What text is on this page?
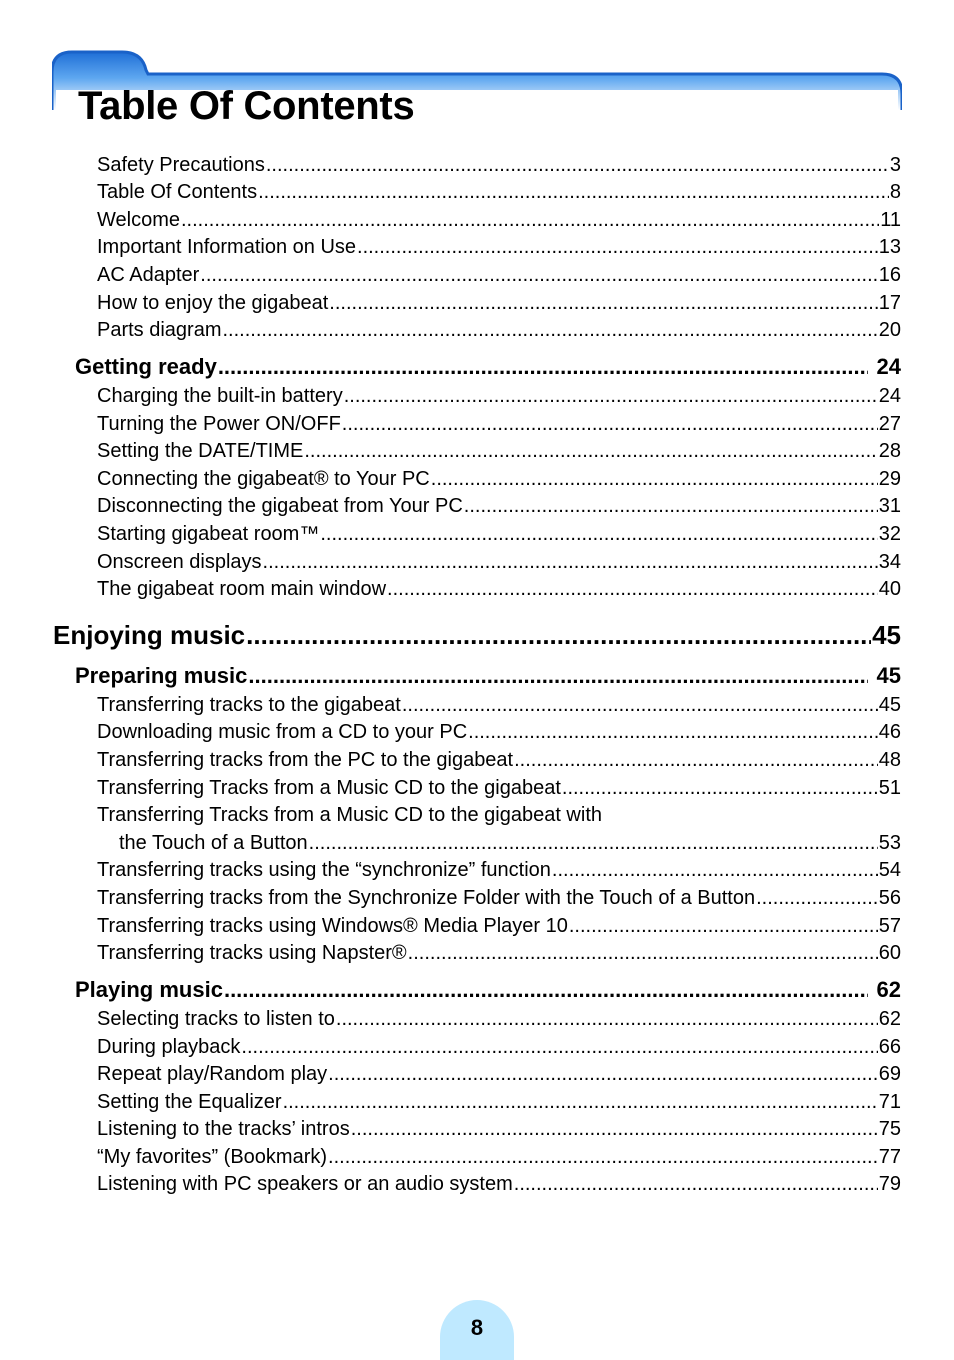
Table Of Contents
Safety Precautions .....	3
Table Of Contents .....	8
Welcome .....	11
Important Information on Use .....	13
AC Adapter .....	16
How to enjoy the gigabeat .....	17
Parts diagram .....	20
Getting ready .....	24
Charging the built-in battery .....	24
Turning the Power ON/OFF .....	27
Setting the DATE/TIME .....	28
Connecting the gigabeat® to Your PC .....	29
Disconnecting the gigabeat from Your PC .....	31
Starting gigabeat room™ .....	32
Onscreen displays .....	34
The gigabeat room main window .....	40
Enjoying music .....	45
Preparing music .....	45
Transferring tracks to the gigabeat .....	45
Downloading music from a CD to your PC .....	46
Transferring tracks from the PC to the gigabeat .....	48
Transferring Tracks from a Music CD to the gigabeat .....	51
Transferring Tracks from a Music CD to the gigabeat with
the Touch of a Button .....	53
Transferring tracks using the “synchronize” function .....	54
Transferring tracks from the Synchronize Folder with the Touch of a Button .....	56
Transferring tracks using Windows® Media Player 10 .....	57
Transferring tracks using Napster® .....	60
Playing music .....	62
Selecting tracks to listen to .....	62
During playback .....	66
Repeat play/Random play .....	69
Setting the Equalizer .....	71
Listening to the tracks’ intros .....	75
“My favorites” (Bookmark) .....	77
Listening with PC speakers or an audio system .....	79
8
